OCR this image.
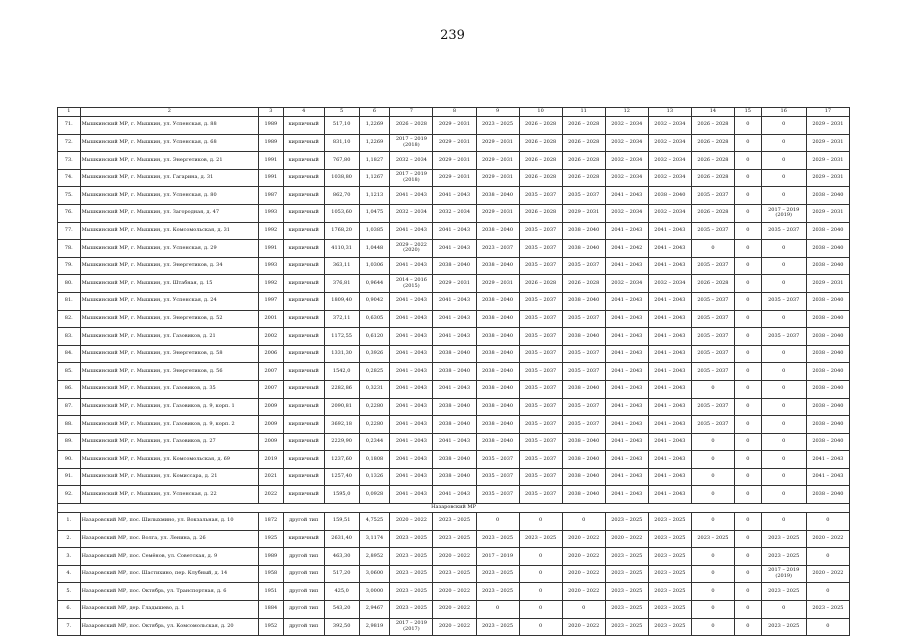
239
1	2	3	4	5	6	7	8	9	10	11	12	13	14	15	16	17
71.	Мышкинский МР, г. Мышкин, ул. Успенская, д. 88	1989	кирпичный	517,10	1,2269	2026 – 2028	2029 – 2031	2023 – 2025	2026 – 2028	2026 – 2028	2032 – 2034	2032 – 2034	2026 – 2028	0	0	2029 – 2031
72.	Мышкинский МР, г. Мышкин, ул. Успенская, д. 68	1989	кирпичный	831,10	1,2269	2017 – 2019 (2018)	2029 – 2031	2029 – 2031	2026 – 2028	2026 – 2028	2032 – 2034	2032 – 2034	2026 – 2028	0	0	2029 – 2031
73.	Мышкинский МР, г. Мышкин, ул. Энергетиков, д. 21	1991	кирпичный	767,80	1,1827	2032 – 2034	2029 – 2031	2029 – 2031	2026 – 2028	2026 – 2028	2032 – 2034	2032 – 2034	2026 – 2028	0	0	2029 – 2031
74.	Мышкинский МР, г. Мышкин, ул. Гагарина, д. 31	1991	кирпичный	1038,80	1,1267	2017 – 2019 (2018)	2029 – 2031	2029 – 2031	2026 – 2028	2026 – 2028	2032 – 2034	2032 – 2034	2026 – 2028	0	0	2029 – 2031
75.	Мышкинский МР, г. Мышкин, ул. Успенская, д. 80	1987	кирпичный	862,70	1,1213	2041 – 2043	2041 – 2043	2038 – 2040	2035 – 2037	2035 – 2037	2041 – 2043	2038 – 2040	2035 – 2037	0	0	2038 – 2040
76.	Мышкинский МР, г. Мышкин, ул. Загородная, д. 47	1993	кирпичный	1053,60	1,0475	2032 – 2034	2032 – 2034	2029 – 2031	2026 – 2028	2029 – 2031	2032 – 2034	2032 – 2034	2026 – 2028	0	2017 – 2019 (2019)	2029 – 2031
77.	Мышкинский МР, г. Мышкин, ул. Комсомольская, д. 31	1992	кирпичный	1768,20	1,0385	2041 – 2043	2041 – 2043	2038 – 2040	2035 – 2037	2038 – 2040	2041 – 2043	2041 – 2043	2035 – 2037	0	2035 – 2037	2038 – 2040
78.	Мышкинский МР, г. Мышкин, ул. Успенская, д. 29	1991	кирпичный	4110,31	1,0448	2029 – 2022 (2020)	2041 – 2043	2023 – 2037	2035 – 2037	2038 – 2040	2041 – 2042	2041 – 2043	0	0	0	2038 – 2040
79.	Мышкинский МР, г. Мышкин, ул. Энергетиков, д. 34	1993	кирпичный	363,11	1,0306	2041 – 2043	2038 – 2040	2038 – 2040	2035 – 2037	2035 – 2037	2041 – 2043	2041 – 2043	2035 – 2037	0	0	2038 – 2040
80.	Мышкинский МР, г. Мышкин, ул. Штабная, д. 15	1992	кирпичный	376,81	0,9644	2014 – 2016 (2015)	2029 – 2031	2029 – 2031	2026 – 2028	2026 – 2028	2032 – 2034	2032 – 2034	2026 – 2028	0	0	2029 – 2031
81.	Мышкинский МР, г. Мышкин, ул. Успенская, д. 24	1997	кирпичный	1809,40	0,9042	2041 – 2043	2041 – 2043	2038 – 2040	2035 – 2037	2038 – 2040	2041 – 2043	2041 – 2043	2035 – 2037	0	2035 – 2037	2038 – 2040
82.	Мышкинский МР, г. Мышкин, ул. Энергетиков, д. 52	2001	кирпичный	372,11	0,6305	2041 – 2043	2041 – 2043	2038 – 2040	2035 – 2037	2035 – 2037	2041 – 2043	2041 – 2043	2035 – 2037	0	0	2038 – 2040
83.	Мышкинский МР, г. Мышкин, ул. Газовиков, д. 21	2002	кирпичный	1172,55	0,6120	2041 – 2043	2041 – 2043	2038 – 2040	2035 – 2037	2038 – 2040	2041 – 2043	2041 – 2043	2035 – 2037	0	2035 – 2037	2038 – 2040
84.	Мышкинский МР, г. Мышкин, ул. Энергетиков, д. 58	2006	кирпичный	1331,30	0,3926	2041 – 2043	2038 – 2040	2038 – 2040	2035 – 2037	2035 – 2037	2041 – 2043	2041 – 2043	2035 – 2037	0	0	2038 – 2040
85.	Мышкинский МР, г. Мышкин, ул. Энергетиков, д. 56	2007	кирпичный	1542,0	0,2825	2041 – 2043	2038 – 2040	2038 – 2040	2035 – 2037	2035 – 2037	2041 – 2043	2041 – 2043	2035 – 2037	0	0	2038 – 2040
86.	Мышкинский МР, г. Мышкин, ул. Газовиков, д. 35	2007	кирпичный	2282,86	0,3231	2041 – 2043	2041 – 2043	2038 – 2040	2035 – 2037	2038 – 2040	2041 – 2043	2041 – 2043	0	0	0	2038 – 2040
87.	Мышкинский МР, г. Мышкин, ул. Газовиков, д. 9, корп. 1	2009	кирпичный	2090,81	0,2280	2041 – 2043	2038 – 2040	2038 – 2040	2035 – 2037	2035 – 2037	2041 – 2043	2041 – 2043	2035 – 2037	0	0	2038 – 2040
88.	Мышкинский МР, г. Мышкин, ул. Газовиков, д. 9, корп. 2	2009	кирпичный	3692,18	0,2280	2041 – 2043	2038 – 2040	2038 – 2040	2035 – 2037	2035 – 2037	2041 – 2043	2041 – 2043	2035 – 2037	0	0	2038 – 2040
89.	Мышкинский МР, г. Мышкин, ул. Газовиков, д. 27	2009	кирпичный	2229,90	0,2344	2041 – 2043	2041 – 2043	2038 – 2040	2035 – 2037	2038 – 2040	2041 – 2043	2041 – 2043	0	0	0	2038 – 2040
90.	Мышкинский МР, г. Мышкин, ул. Комсомольская, д. 69	2019	кирпичный	1237,60	0,1808	2041 – 2043	2038 – 2040	2035 – 2037	2035 – 2037	2038 – 2040	2041 – 2043	2041 – 2043	0	0	0	2041 – 2043
91.	Мышкинский МР, г. Мышкин, ул. Комиссара, д. 21	2021	кирпичный	1257,40	0,1326	2041 – 2043	2038 – 2040	2035 – 2037	2035 – 2037	2038 – 2040	2041 – 2043	2041 – 2043	0	0	0	2041 – 2043
92.	Мышкинский МР, г. Мышкин, ул. Успенская, д. 22	2022	кирпичный	1595,0	0,0928	2041 – 2043	2041 – 2043	2035 – 2037	2035 – 2037	2038 – 2040	2041 – 2043	2041 – 2043	0	0	0	2038 – 2040
Назаровский МР																
1.	Назаровский МР, пос. Шилыхмино, ул. Вокзальная, д. 10	1872	другой тип	159,51	4,7525	2020 – 2022	2023 – 2025	0	0	0	2023 – 2025	2023 – 2025	0	0	0	0
2.	Назаровский МР, пос. Волга, ул. Ленина, д. 26	1925	кирпичный	2631,40	3,1174	2023 – 2025	2023 – 2025	2023 – 2025	2023 – 2025	2020 – 2022	2020 – 2022	2023 – 2025	2023 – 2025	0	2023 – 2025	2020 – 2022
3.	Назаровский МР, пос. Семёнов, ул. Советская, д. 9	1989	другой тип	463,30	2,8952	2023 – 2025	2020 – 2022	2017 – 2019	0	2020 – 2022	2023 – 2025	2023 – 2025	0	0	2023 – 2025	0
4.	Назаровский МР, пос. Шастихино, пер. Клубный, д. 14	1958	другой тип	517,20	3,0600	2023 – 2025	2023 – 2025	2023 – 2025	0	2020 – 2022	2023 – 2025	2023 – 2025	0	0	2017 – 2019 (2019)	2020 – 2022
5.	Назаровский МР, пос. Октябрь, ул. Транспортная, д. 6	1951	другой тип	425,0	3,0000	2023 – 2025	2020 – 2022	2023 – 2025	0	2020 – 2022	2023 – 2025	2023 – 2025	0	0	2023 – 2025	0
6.	Назаровский МР, дер. Гладышево, д. 1	1884	другой тип	543,20	2,9467	2023 – 2025	2020 – 2022	0	0	0	2023 – 2025	2023 – 2025	0	0	0	2023 – 2025
7.	Назаровский МР, пос. Октябрь, ул. Комсомольская, д. 20	1952	другой тип	392,50	2,9819	2017 – 2019 (2017)	2020 – 2022	2023 – 2025	0	2020 – 2022	2023 – 2025	2023 – 2025	0	0	2023 – 2025	0
